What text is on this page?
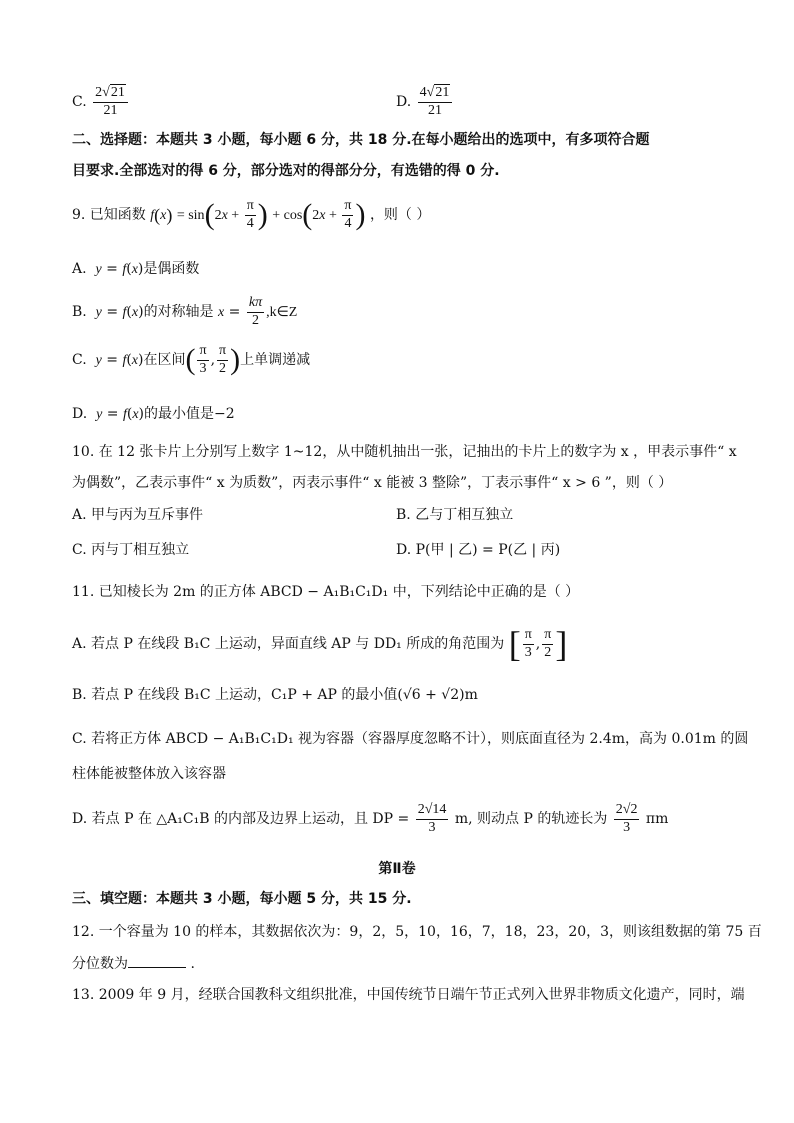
C. $\frac{2√21}{21}$	D. $\frac{4√21}{21}$
二、选择题：本题共 3 小题，每小题 6 分，共 18 分.在每小题给出的选项中，有多项符合题
目要求.全部选对的得 6 分，部分选对的得部分分，有选错的得 0 分.
9. 已知函数 $f(x) = \sin(2x + \frac{\pi}{4}$ ) + $\cos(2x + \frac{\pi}{4}$ ) ，则（ ）
A. y = f(x)是偶函数
B. y = f(x)的对称轴是 $x = \frac{k\pi}{2}$ ,k∈Z
C. y = f(x)在区间( $\frac{\pi}{3}$ , $\frac{\pi}{2}$ )上单调递减
D. y = f(x)的最小值是−2
10. 在 12 张卡片上分别写上数字 1~12，从中随机抽出一张，记抽出的卡片上的数字为 x ，甲表示事件“ x
为偶数”，乙表示事件“ x 为质数”，丙表示事件“ x 能被 3 整除”，丁表示事件“ x > 6 ”，则（ ）
A. 甲与丙为互斥事件	B. 乙与丁相互独立
C. 丙与丁相互独立	D. P(甲 | 乙) = P(乙 | 丙)
11. 已知棱长为 2m 的正方体 ABCD − A₁B₁C₁D₁ 中，下列结论中正确的是（ ）
A. 若点 P 在线段 B₁C 上运动，异面直线 AP 与 DD₁ 所成的角范围为 [ $\frac{\pi}{3}$ , $\frac{\pi}{2}$ ]
B. 若点 P 在线段 B₁C 上运动，C₁P + AP 的最小值(√6 + √2)m
C. 若将正方体 ABCD − A₁B₁C₁D₁ 视为容器（容器厚度忽略不计），则底面直径为 2.4m，高为 0.01m 的圆
柱体能被整体放入该容器
D. 若点 P 在 △A₁C₁B 的内部及边界上运动，且 DP = $\frac{2√14}{3} m$, 则动点 P 的轨迹长为 $\frac{2√2}{3}$ πm
第Ⅱ卷
三、填空题：本题共 3 小题，每小题 5 分，共 15 分.
12. 一个容量为 10 的样本，其数据依次为：9，2，5，10，16，7，18，23，20，3，则该组数据的第 75 百
分位数为	.
13. 2009 年 9 月，经联合国教科文组织批准，中国传统节日端午节正式列入世界非物质文化遗产，同时，端
